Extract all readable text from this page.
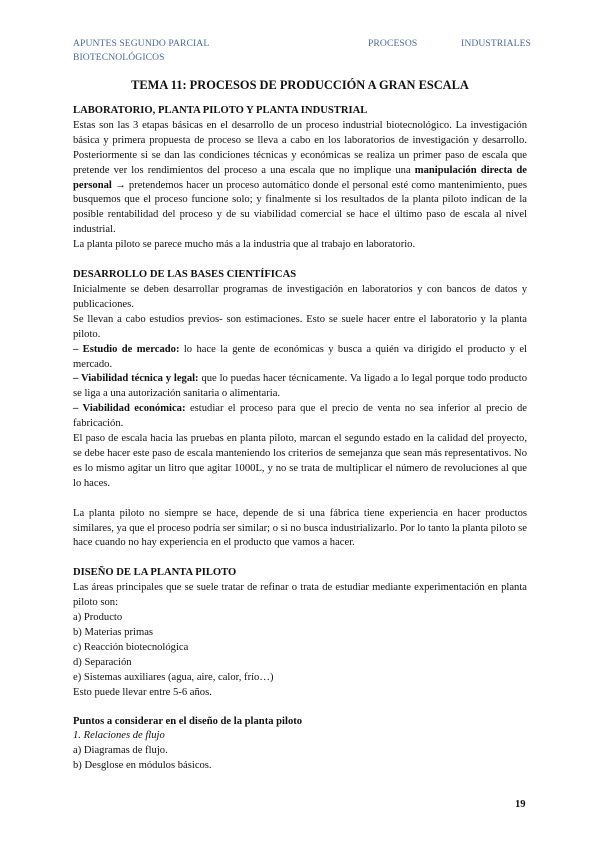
APUNTES SEGUNDO PARCIAL
BIOTECNOLÓGICOS
PROCESOS	INDUSTRIALES
TEMA 11: PROCESOS DE PRODUCCIÓN A GRAN ESCALA

LABORATORIO, PLANTA PILOTO Y PLANTA INDUSTRIAL

Estas son las 3 etapas básicas en el desarrollo de un proceso industrial biotecnológico. La investigación básica y primera propuesta de proceso se lleva a cabo en los laboratorios de investigación y desarrollo. Posteriormente si se dan las condiciones técnicas y económicas se realiza un primer paso de escala que pretende ver los rendimientos del proceso a una escala que no implique una manipulación directa de personal → pretendemos hacer un proceso automático donde el personal esté como mantenimiento, pues busquemos que el proceso funcione solo; y finalmente si los resultados de la planta piloto indican de la posible rentabilidad del proceso y de su viabilidad comercial se hace el último paso de escala al nivel industrial.

La planta piloto se parece mucho más a la industria que al trabajo en laboratorio.

DESARROLLO DE LAS BASES CIENTÍFICAS

Inicialmente se deben desarrollar programas de investigación en laboratorios y con bancos de datos y publicaciones.

Se llevan a cabo estudios previos- son estimaciones. Esto se suele hacer entre el laboratorio y la planta piloto.

– Estudio de mercado: lo hace la gente de económicas y busca a quién va dirigido el producto y el mercado.

– Viabilidad técnica y legal: que lo puedas hacer técnicamente. Va ligado a lo legal porque todo producto se liga a una autorización sanitaria o alimentaria.

– Viabilidad económica: estudiar el proceso para que el precio de venta no sea inferior al precio de fabricación.

El paso de escala hacia las pruebas en planta piloto, marcan el segundo estado en la calidad del proyecto, se debe hacer este paso de escala manteniendo los criterios de semejanza que sean más representativos. No es lo mismo agitar un litro que agitar 1000L, y no se trata de multiplicar el número de revoluciones al que lo haces.

La planta piloto no siempre se hace, depende de si una fábrica tiene experiencia en hacer productos similares, ya que el proceso podría ser similar; o si no busca industrializarlo. Por lo tanto la planta piloto se hace cuando no hay experiencia en el producto que vamos a hacer.

DISEÑO DE LA PLANTA PILOTO

Las áreas principales que se suele tratar de refinar o trata de estudiar mediante experimentación en planta piloto son:

a) Producto

b) Materias primas

c) Reacción biotecnológica

d) Separación

e) Sistemas auxiliares (agua, aire, calor, frío…)

Esto puede llevar entre 5-6 años.

Puntos a considerar en el diseño de la planta piloto

1. Relaciones de flujo

a) Diagramas de flujo.

b) Desglose en módulos básicos.

19
